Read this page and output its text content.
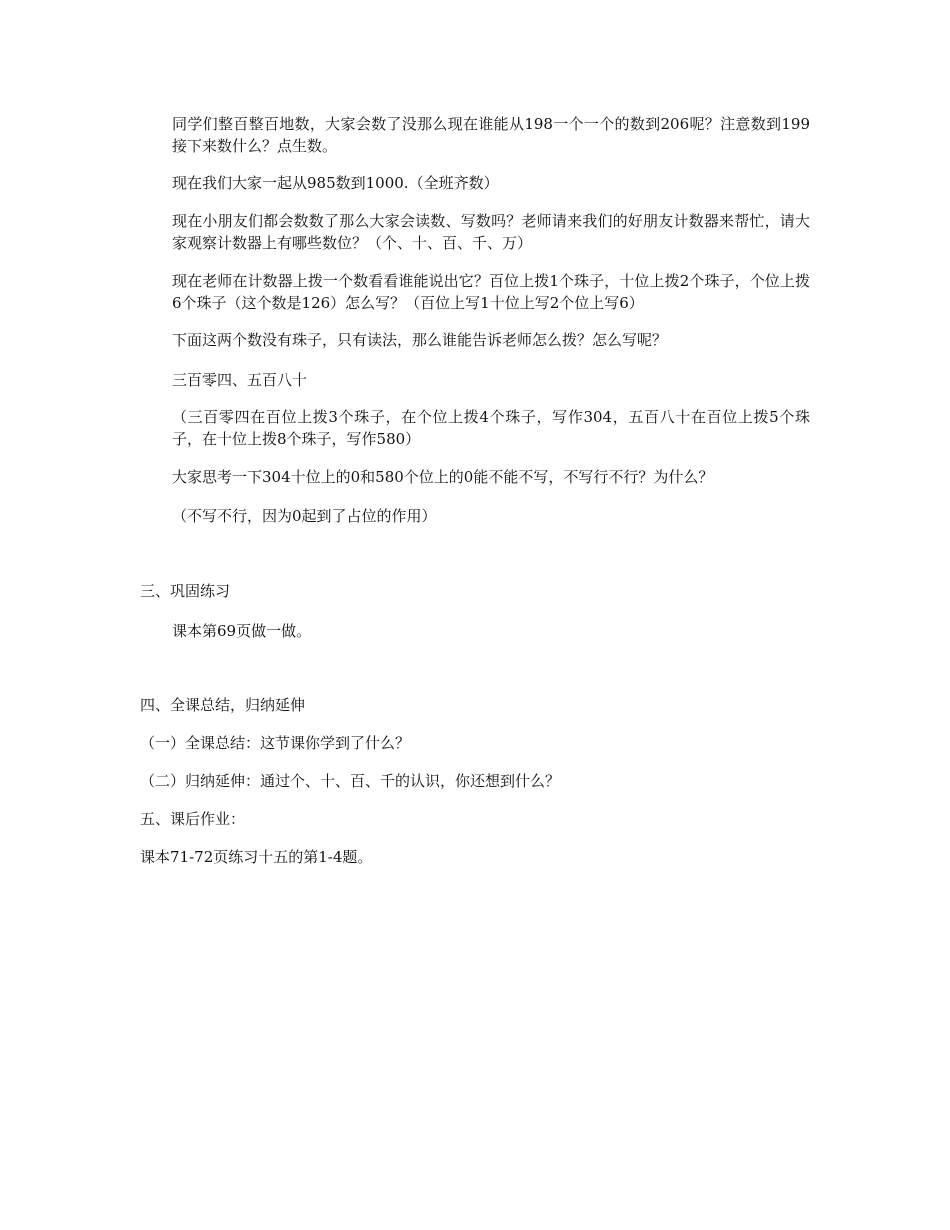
同学们整百整百地数，大家会数了没那么现在谁能从198一个一个的数到206呢？注意数到199接下来数什么？点生数。
现在我们大家一起从985数到1000.（全班齐数）
现在小朋友们都会数数了那么大家会读数、写数吗？老师请来我们的好朋友计数器来帮忙，请大家观察计数器上有哪些数位？（个、十、百、千、万）
现在老师在计数器上拨一个数看看谁能说出它？百位上拨1个珠子，十位上拨2个珠子，个位上拨6个珠子（这个数是126）怎么写？（百位上写1十位上写2个位上写6）
下面这两个数没有珠子，只有读法，那么谁能告诉老师怎么拨？怎么写呢？
三百零四、五百八十
（三百零四在百位上拨3个珠子，在个位上拨4个珠子，写作304，五百八十在百位上拨5个珠子，在十位上拨8个珠子，写作580）
大家思考一下304十位上的0和580个位上的0能不能不写，不写行不行？为什么？
（不写不行，因为0起到了占位的作用）
三、巩固练习
课本第69页做一做。
四、全课总结，归纳延伸
（一）全课总结：这节课你学到了什么？
（二）归纳延伸：通过个、十、百、千的认识，你还想到什么？
五、课后作业：
课本71-72页练习十五的第1-4题。
